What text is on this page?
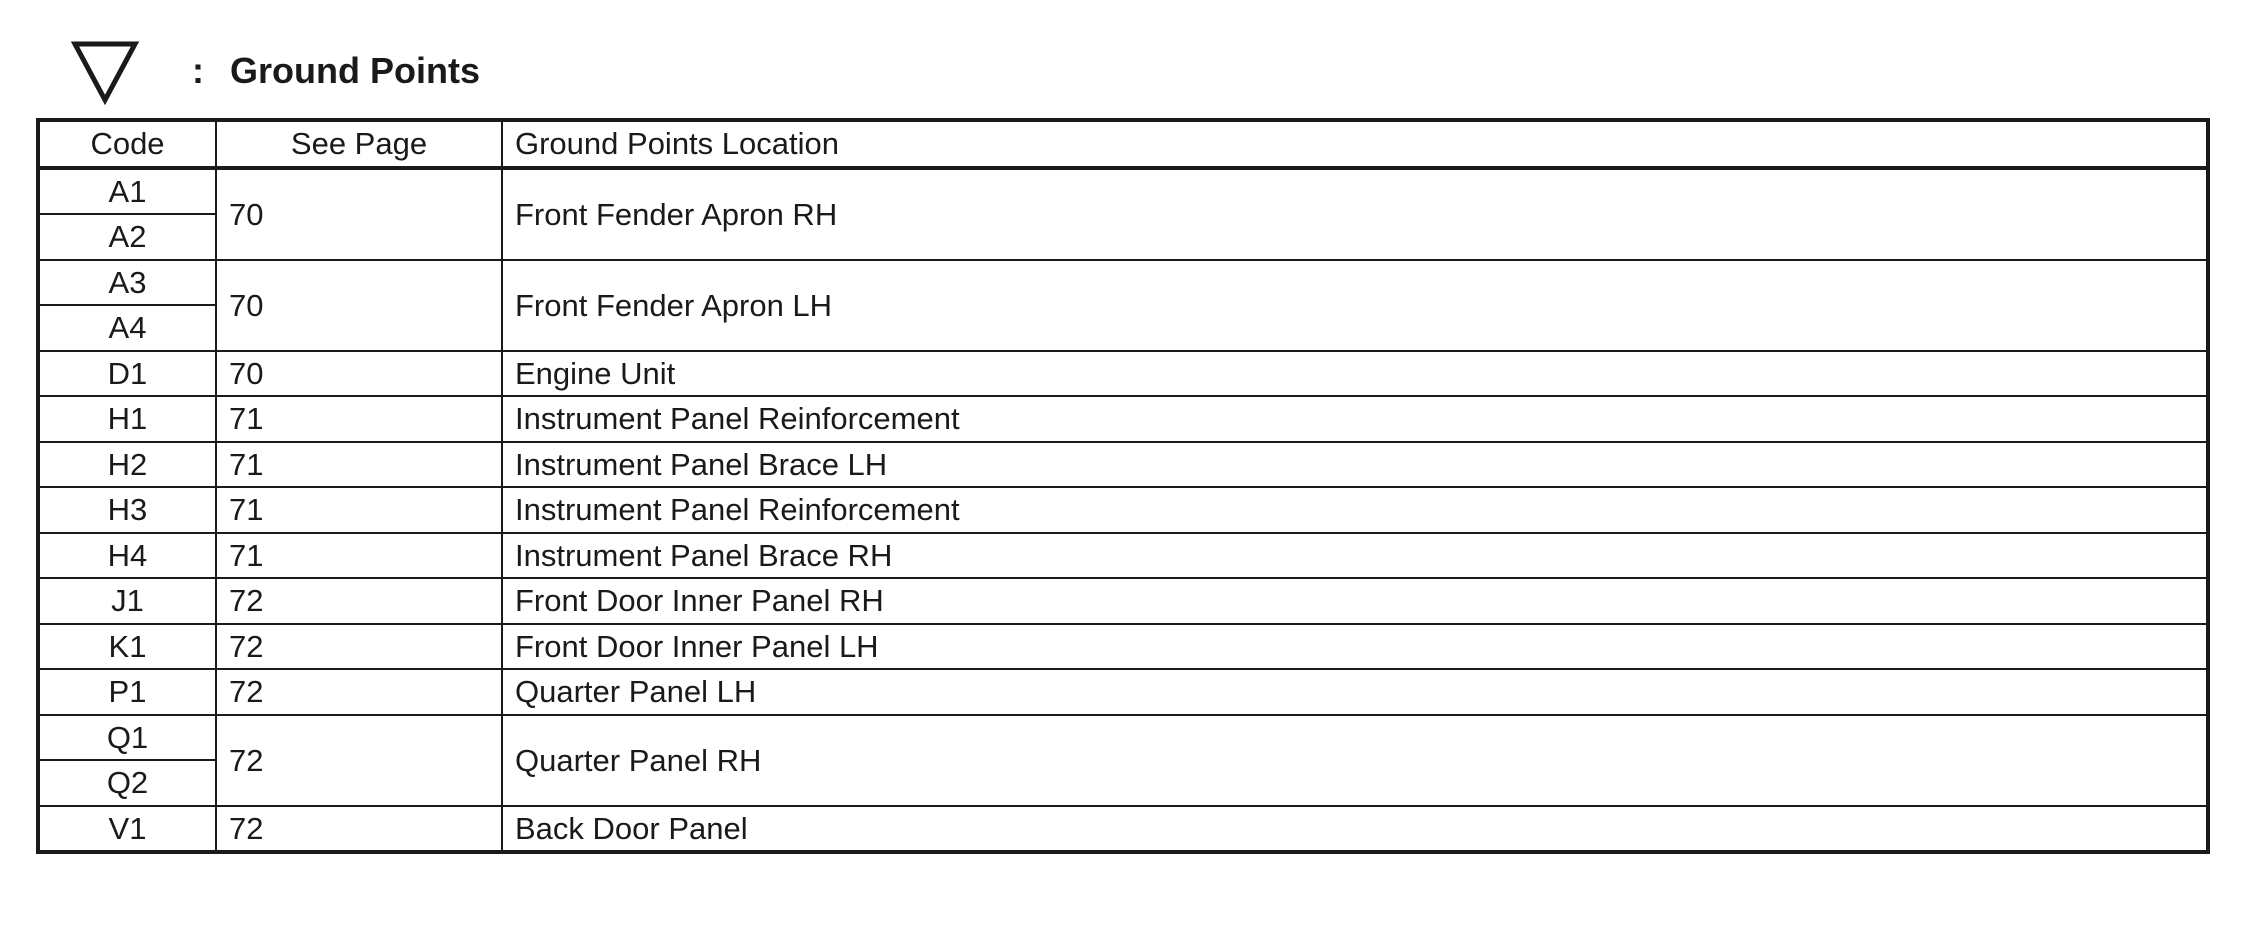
: Ground Points
Code	See Page	Ground Points Location
A1	70	Front Fender Apron RH
A2		
A3	70	Front Fender Apron LH
A4		
D1	70	Engine Unit
H1	71	Instrument Panel Reinforcement
H2	71	Instrument Panel Brace LH
H3	71	Instrument Panel Reinforcement
H4	71	Instrument Panel Brace RH
J1	72	Front Door Inner Panel RH
K1	72	Front Door Inner Panel LH
P1	72	Quarter Panel LH
Q1	72	Quarter Panel RH
Q2		
V1	72	Back Door Panel
